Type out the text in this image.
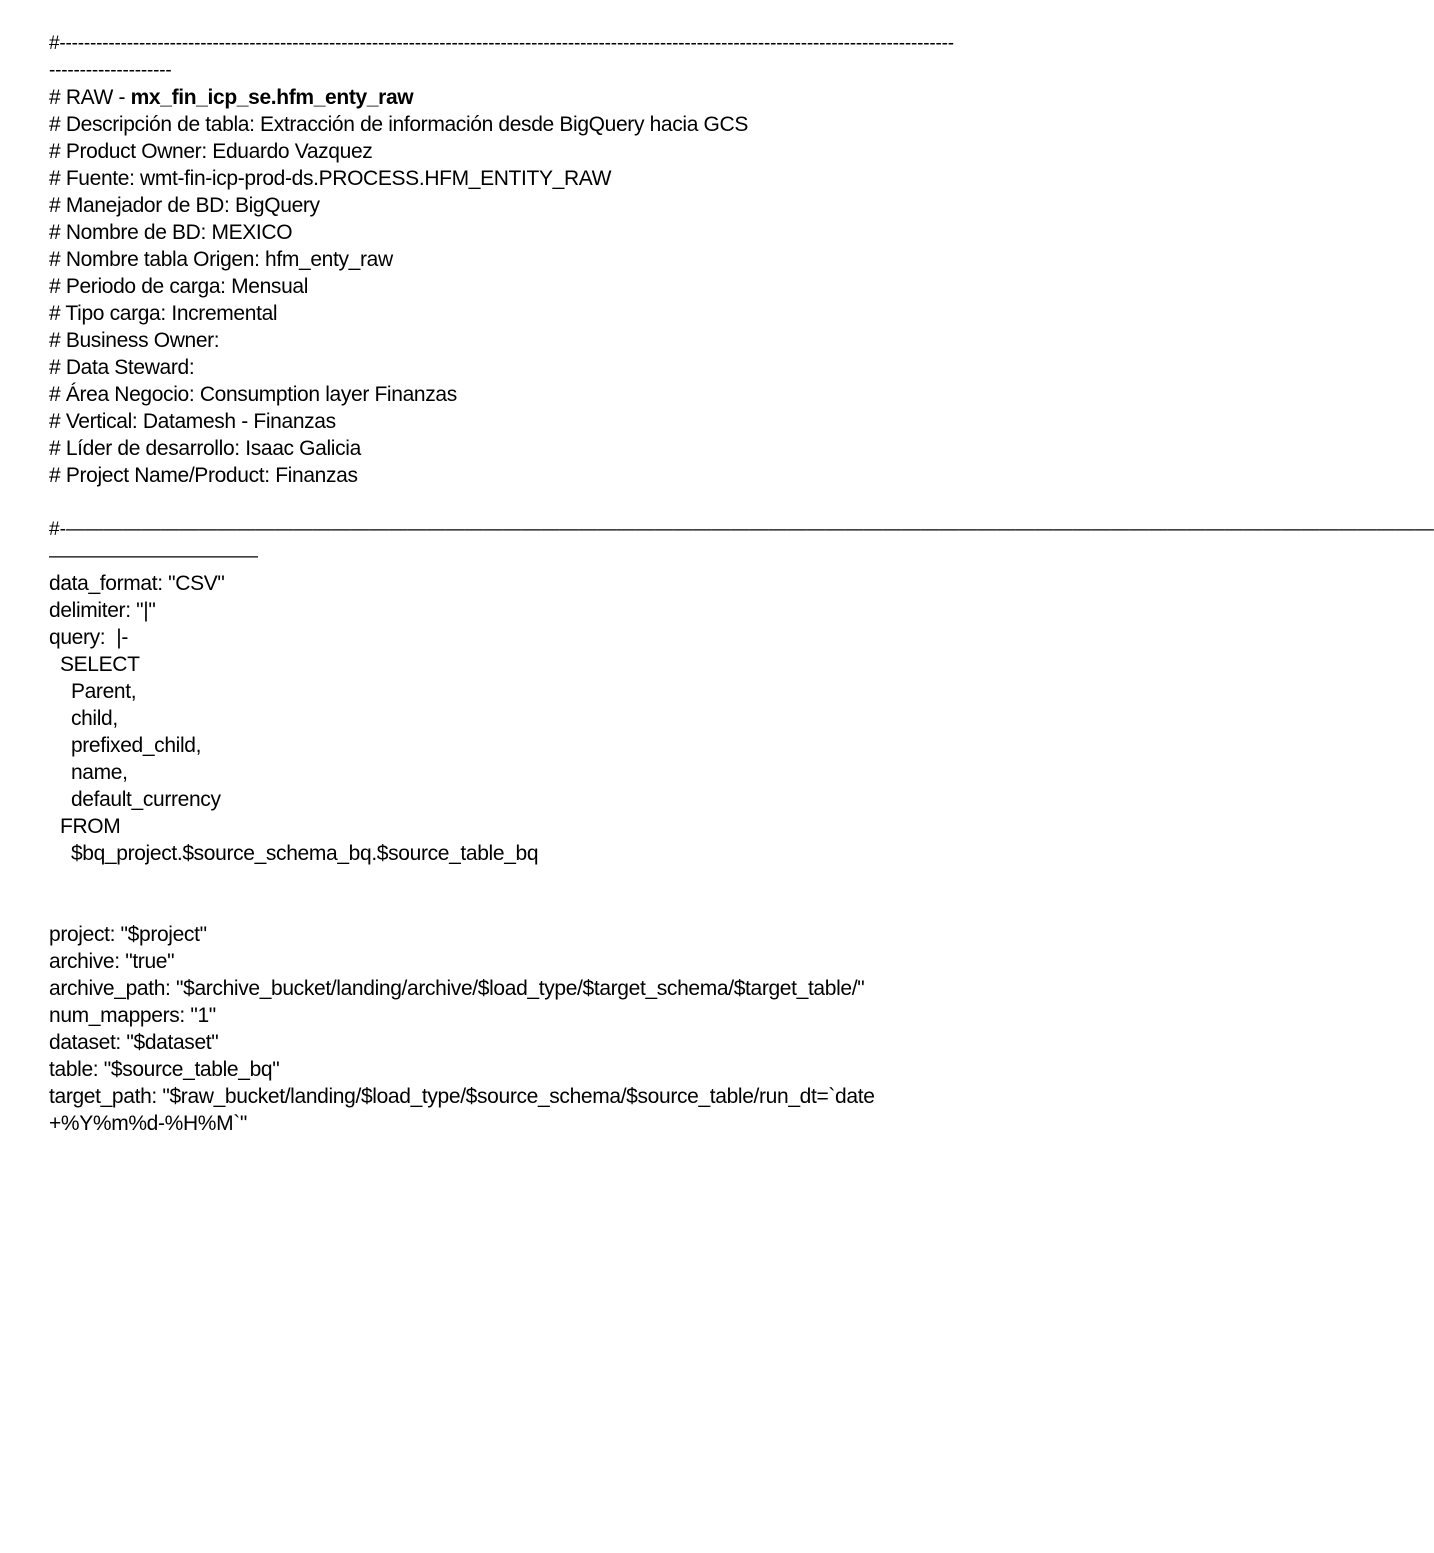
#--------------------------------------------------------------------------------------------------------------------------------------------------
--------------------
# RAW - mx_fin_icp_se.hfm_enty_raw
# Descripción de tabla: Extracción de información desde BigQuery hacia GCS
# Product Owner: Eduardo Vazquez
# Fuente: wmt-fin-icp-prod-ds.PROCESS.HFM_ENTITY_RAW
# Manejador de BD: BigQuery
# Nombre de BD: MEXICO
# Nombre tabla Origen: hfm_enty_raw
# Periodo de carga: Mensual
# Tipo carga: Incremental
# Business Owner:
# Data Steward:
# Área Negocio: Consumption layer Finanzas
# Vertical: Datamesh - Finanzas
# Líder de desarrollo: Isaac Galicia
# Project Name/Product: Finanzas
#-————————————————————————————————————————————————————————————————————————
———————————
data_format: "CSV"
delimiter: "|"
query:  |-
SELECT
Parent,
child,
prefixed_child,
name,
default_currency
FROM
$bq_project.$source_schema_bq.$source_table_bq
project: "$project"
archive: "true"
archive_path: "$archive_bucket/landing/archive/$load_type/$target_schema/$target_table/"
num_mappers: "1"
dataset: "$dataset"
table: "$source_table_bq"
target_path: "$raw_bucket/landing/$load_type/$source_schema/$source_table/run_dt=`date
+%Y%m%d-%H%M`"
